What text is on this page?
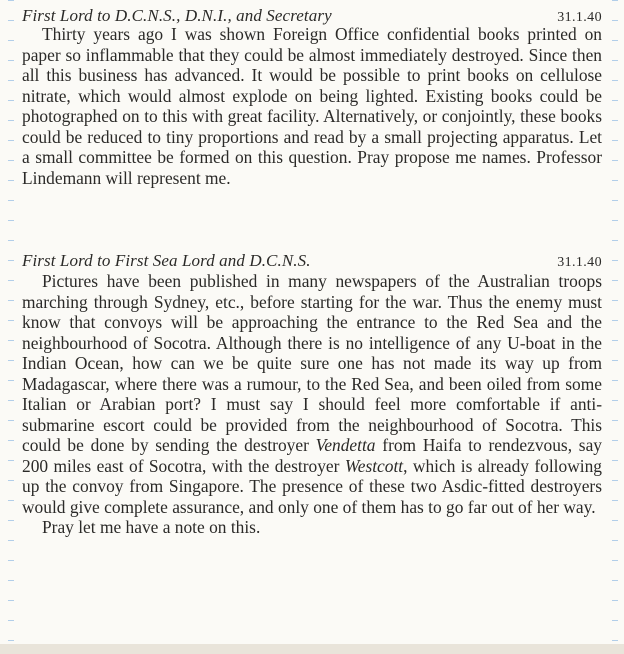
First Lord to D.C.N.S., D.N.I., and Secretary	31.1.40

Thirty years ago I was shown Foreign Office confidential books printed on paper so inflammable that they could be almost immediately destroyed. Since then all this business has advanced. It would be possible to print books on cellulose nitrate, which would almost explode on being lighted. Existing books could be photographed on to this with great facility. Alternatively, or conjointly, these books could be reduced to tiny proportions and read by a small projecting apparatus. Let a small committee be formed on this question. Pray propose me names. Professor Lindemann will represent me.

First Lord to First Sea Lord and D.C.N.S.	31.1.40

Pictures have been published in many newspapers of the Australian troops marching through Sydney, etc., before starting for the war. Thus the enemy must know that convoys will be approaching the entrance to the Red Sea and the neighbourhood of Socotra. Although there is no intelligence of any U-boat in the Indian Ocean, how can we be quite sure one has not made its way up from Madagascar, where there was a rumour, to the Red Sea, and been oiled from some Italian or Arabian port? I must say I should feel more comfortable if anti-submarine escort could be provided from the neighbourhood of Socotra. This could be done by sending the destroyer Vendetta from Haifa to rendezvous, say 200 miles east of Socotra, with the destroyer Westcott, which is already following up the convoy from Singapore. The presence of these two Asdic-fitted destroyers would give complete assurance, and only one of them has to go far out of her way.

Pray let me have a note on this.
